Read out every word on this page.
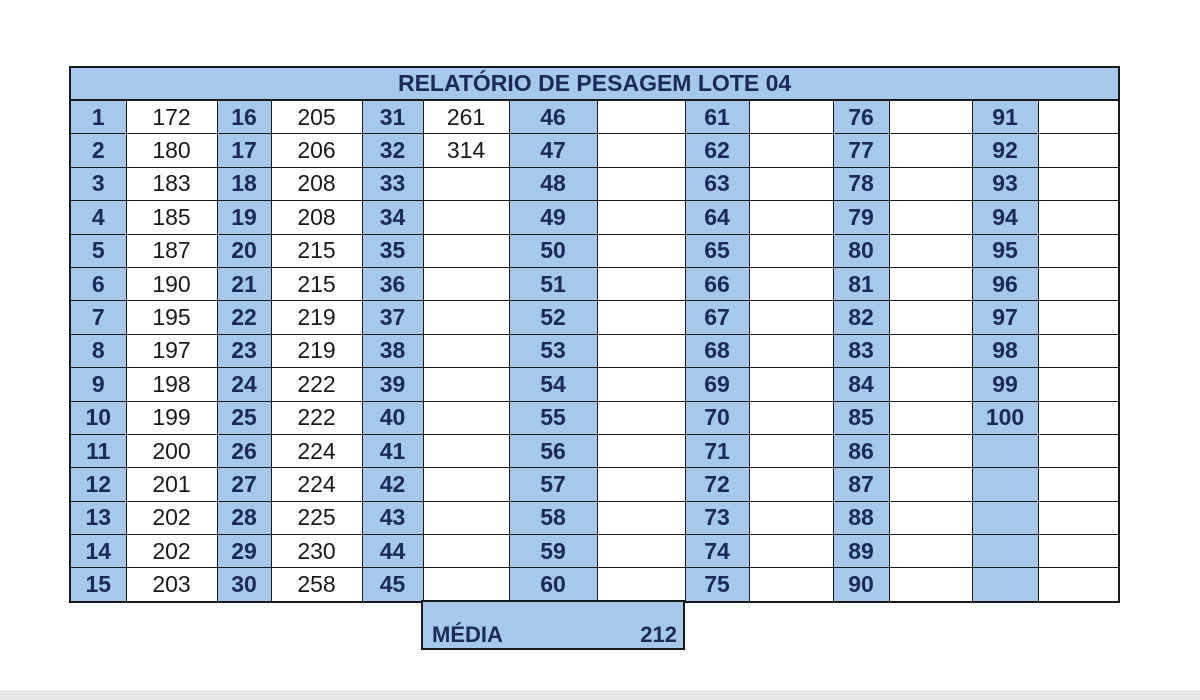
RELATÓRIO DE PESAGEM LOTE 04													
1	172	16	205	31	261	46		61		76		91	
2	180	17	206	32	314	47		62		77		92	
3	183	18	208	33		48		63		78		93	
4	185	19	208	34		49		64		79		94	
5	187	20	215	35		50		65		80		95	
6	190	21	215	36		51		66		81		96	
7	195	22	219	37		52		67		82		97	
8	197	23	219	38		53		68		83		98	
9	198	24	222	39		54		69		84		99	
10	199	25	222	40		55		70		85		100	
11	200	26	224	41		56		71		86			
12	201	27	224	42		57		72		87			
13	202	28	225	43		58		73		88			
14	202	29	230	44		59		74		89			
15	203	30	258	45		60		75		90			
MÉDIA	212
